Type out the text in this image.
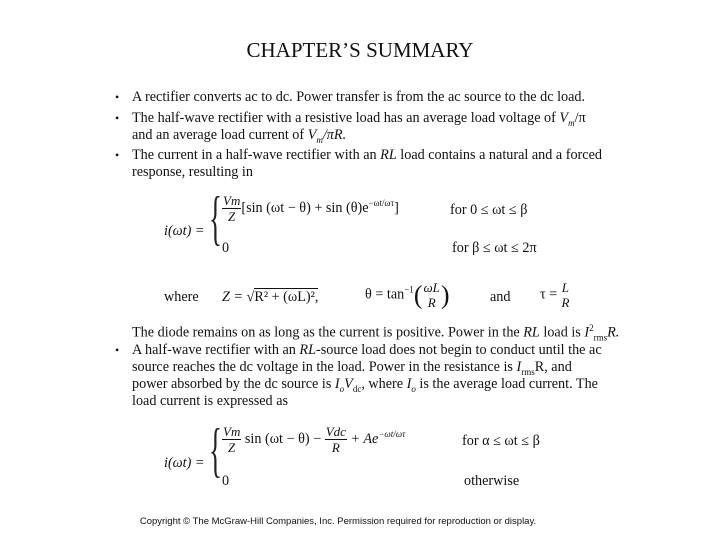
CHAPTER’S SUMMARY
• A rectifier converts ac to dc. Power transfer is from the ac source to the dc load.
• The half-wave rectifier with a resistive load has an average load voltage of $V_m/\pi$
and an average load current of $V_m/\pi R$.
• The current in a half-wave rectifier with an RL load contains a natural and a forced
response, resulting in
i(ωt) = { $\frac{Vm}{Z} [\sin$ $(\omega t - \theta) + \sin (\theta)e^{-\omega t/\omega\tau}$]	for 0 ≤ ωt ≤ β
0	for β ≤ ωt ≤ 2π
where Z = √R² + (ωL)²,	$\theta = \tan^{-1}$( ωL
R )	and τ = L
R
The diode remains on as long as the current is positive. Power in the RL load is $I^2_{rms}R$.
• A half-wave rectifier with an RL-source load does not begin to conduct until the ac
source reaches the dc voltage in the load. Power in the resistance is $I_{rms}R$, and
power absorbed by the dc source is $I_oV_{dc}$, where $I_o$ is the average load current. The
load current is expressed as
i(ωt) = { $\frac{Vm}{Z}$ $\sin (\omega t - \theta) - \frac{\text{Vdc}}{R} + Ae^{-\omega t/\omega\tau}$	for α ≤ ωt ≤ β
0	otherwise
Copyright © The McGraw-Hill Companies, Inc. Permission required for reproduction or display.
